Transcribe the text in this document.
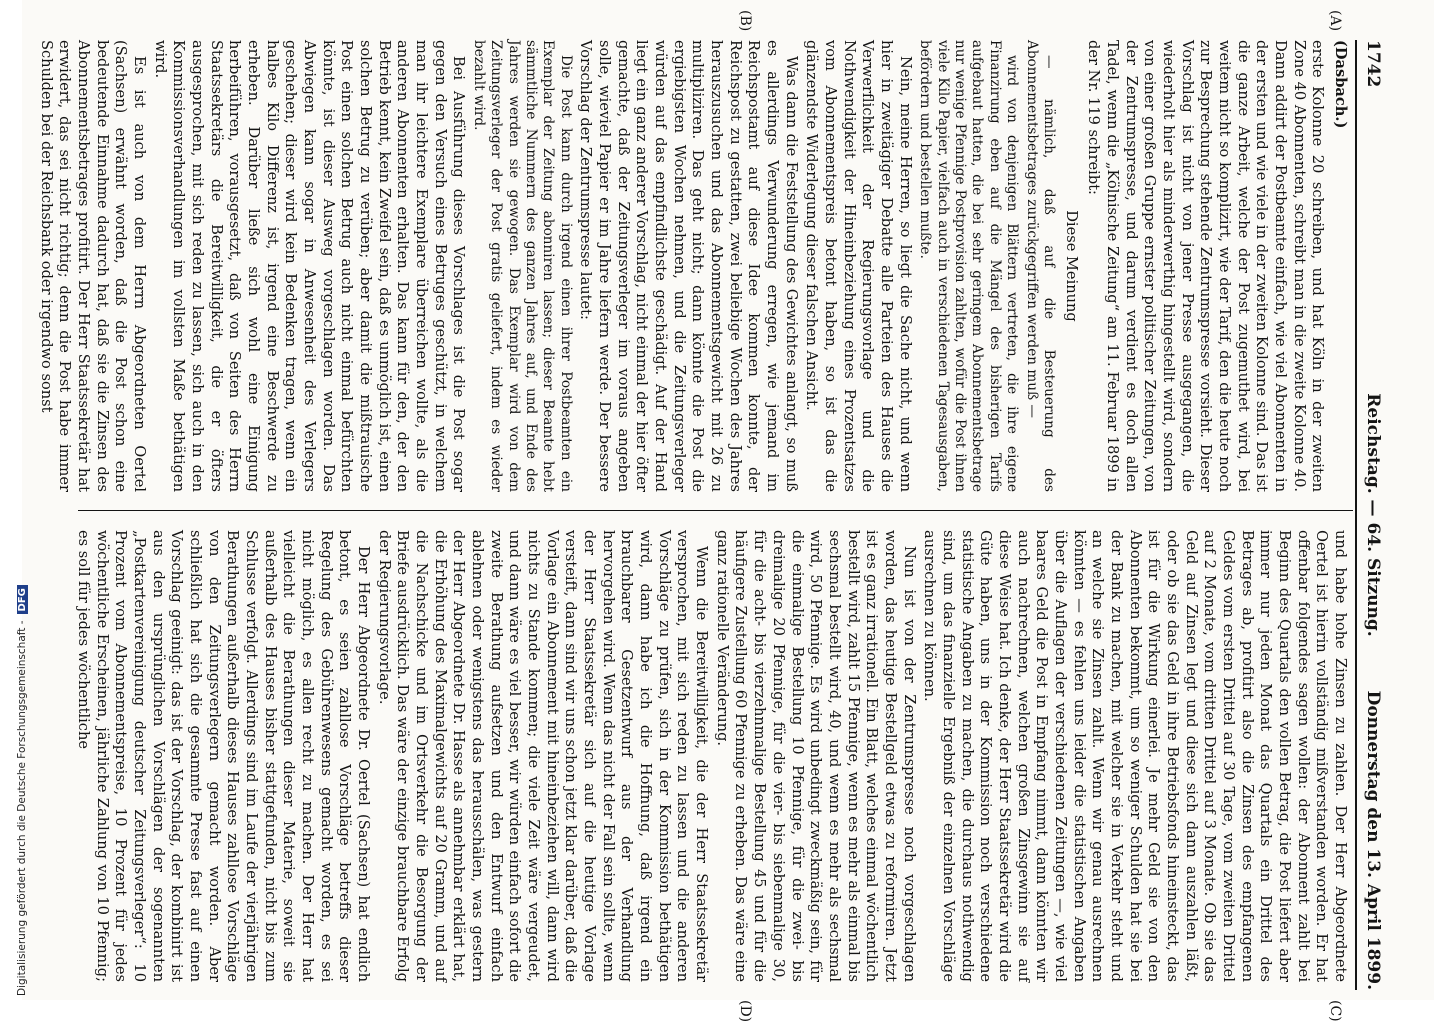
Digitalisierung gefördert durch die Deutsche Forschungsgemeinschaft -DFG
1742
Reichstag. — 64. Sitzung.
Donnerstag den 13. April 1899.
(A)
(B)
(C)
(D)

(Dasbach.)

erste Kolonne 20 schreiben, und hat Köln in der zweiten Zone 40 Abonnenten, schreibt man in die zweite Kolonne 40. Dann addirt der Postbeamte einfach, wie viel Abonnenten in der ersten und wie viele in der zweiten Kolonne sind. Das ist die ganze Arbeit, welche der Post zugemuthet wird, bei weitem nicht so komplizirt, wie der Tarif, den die heute noch zur Besprechung stehende Zentrumspresse vorsieht. Dieser Vorschlag ist nicht von jener Presse ausgegangen, die wiederholt hier als minderwerthig hingestellt wird, sondern von einer großen Gruppe ernster politischer Zeitungen, von der Zentrumspresse, und darum verdient es doch allen Tadel, wenn die „Kölnische Zeitung“ am 11. Februar 1899 in der Nr. 119 schreibt:

Diese Meinung

— nämlich, daß auf die Besteuerung des Abonnementsbetrages zurückgegriffen werden muß —

wird von denjenigen Blättern vertreten, die ihre eigene Finanzirung eben auf die Mängel des bisherigen Tarifs aufgebaut hatten, die bei sehr geringem Abonnementsbetrage nur wenige Pfennige Postprovision zahlten, wofür die Post ihnen viele Kilo Papier, vielfach auch in verschiedenen Tagesausgaben, befördern und bestellen mußte.

Nein, meine Herren, so liegt die Sache nicht, und wenn hier in zweitägiger Debatte alle Parteien des Hauses die Verwerflichkeit der Regierungsvorlage und die Nothwendigkeit der Hineinbeziehung eines Prozentsatzes vom Abonnementspreis betont haben, so ist das die glänzendste Widerlegung dieser falschen Ansicht.

Was dann die Feststellung des Gewichtes anlangt, so muß es allerdings Verwunderung erregen, wie jemand im Reichspostamt auf diese Idee kommen konnte, der Reichspost zu gestatten, zwei beliebige Wochen des Jahres herauszusuchen und das Abonnementsgewicht mit 26 zu multipliziren. Das geht nicht; dann könnte die Post die ergiebigsten Wochen nehmen, und die Zeitungsverleger würden auf das empfindlichste geschädigt. Auf der Hand liegt ein ganz anderer Vorschlag, nicht einmal der hier öfter gemachte, daß der Zeitungsverleger im voraus angeben solle, wieviel Papier er im Jahre liefern werde. Der bessere Vorschlag der Zentrumspresse lautet:

Die Post kann durch irgend einen ihrer Postbeamten ein Exemplar der Zeitung abonniren lassen; dieser Beamte hebt sämmtliche Nummern des ganzen Jahres auf, und Ende des Jahres werden sie gewogen. Das Exemplar wird von dem Zeitungsverleger der Post gratis geliefert, indem es wieder bezahlt wird.

Bei Ausführung dieses Vorschlages ist die Post sogar gegen den Versuch eines Betruges geschützt, in welchem man ihr leichtere Exemplare überreichen wollte, als die anderen Abonnenten erhalten. Das kann für den, der den Betrieb kennt, kein Zweifel sein, daß es unmöglich ist, einen solchen Betrug zu verüben; aber damit die mißtrauische Post einen solchen Betrug auch nicht einmal befürchten könnte, ist dieser Ausweg vorgeschlagen worden. Das Abwiegen kann sogar in Anwesenheit des Verlegers geschehen; dieser wird kein Bedenken tragen, wenn ein halbes Kilo Differenz ist, irgend eine Beschwerde zu erheben. Darüber ließe sich wohl eine Einigung herbeiführen, vorausgesetzt, daß von Seiten des Herrn Staatssekretärs die Bereitwilligkeit, die er öfters ausgesprochen, mit sich reden zu lassen, sich auch in den Kommissionsverhandlungen im vollsten Maße bethätigen wird.

Es ist auch von dem Herrn Abgeordneten Oertel (Sachsen) erwähnt worden, daß die Post schon eine bedeutende Einnahme dadurch hat, daß sie die Zinsen des Abonnementsbetrages profitirt. Der Herr Staatssekretär hat erwidert, das sei nicht richtig; denn die Post habe immer Schulden bei der Reichsbank oder irgendwo sonst

und habe hohe Zinsen zu zahlen. Der Herr Abgeordnete Oertel ist hierin vollständig mißverstanden worden. Er hat offenbar folgendes sagen wollen: der Abonnent zahlt bei Beginn des Quartals den vollen Betrag, die Post liefert aber immer nur jeden Monat das Quartals ein Drittel des Betrages ab, profitirt also die Zinsen des empfangenen Geldes vom ersten Drittel auf 30 Tage, vom zweiten Drittel auf 2 Monate, vom dritten Drittel auf 3 Monate. Ob sie das Geld auf Zinsen legt und diese sich dann auszahlen läßt, oder ob sie das Geld in ihre Betriebsfonds hineinsteckt, das ist für die Wirkung einerlei. Je mehr Geld sie von den Abonnenten bekommt, um so weniger Schulden hat sie bei der Bank zu machen, mit welcher sie in Verkehr steht und an welche sie Zinsen zahlt. Wenn wir genau ausrechnen könnten — es fehlen uns leider die statistischen Angaben über die Auflagen der verschiedenen Zeitungen —, wie viel baares Geld die Post in Empfang nimmt, dann könnten wir auch nachrechnen, welchen großen Zinsgewinn sie auf diese Weise hat. Ich denke, der Herr Staatssekretär wird die Güte haben, uns in der Kommission noch verschiedene statistische Angaben zu machen, die durchaus nothwendig sind, um das finanzielle Ergebniß der einzelnen Vorschläge ausrechnen zu können.

Nun ist von der Zentrumspresse noch vorgeschlagen worden, das heutige Bestellgeld etwas zu reformiren. Jetzt ist es ganz irrationell. Ein Blatt, welches einmal wöchentlich bestellt wird, zahlt 15 Pfennige, wenn es mehr als einmal bis sechsmal bestellt wird, 40, und wenn es mehr als sechsmal wird, 50 Pfennige. Es wird unbedingt zweckmäßig sein, für die einmalige Bestellung 10 Pfennige, für die zwei- bis dreimalige 20 Pfennige, für die vier- bis siebenmalige 30, für die acht- bis vierzehnmalige Bestellung 45 und für die häufigere Zustellung 60 Pfennige zu erheben. Das wäre eine ganz rationelle Veränderung.

Wenn die Bereitwilligkeit, die der Herr Staatssekretär versprochen, mit sich reden zu lassen und die anderen Vorschläge zu prüfen, sich in der Kommission bethätigen wird, dann habe ich die Hoffnung, daß irgend ein brauchbarer Gesetzentwurf aus der Verhandlung hervorgehen wird. Wenn das nicht der Fall sein sollte, wenn der Herr Staatssekretär sich auf die heutige Vorlage versteift, dann sind wir uns schon jetzt klar darüber, daß die Vorlage ein Abonnement mit hineinbeziehen will, dann wird nichts zu Stande kommen; die viele Zeit wäre vergeudet, und dann wäre es viel besser, wir würden einfach sofort die zweite Berathung aufsetzen und den Entwurf einfach ablehnen oder wenigstens das herausschälen, was gestern der Herr Abgeordnete Dr. Hasse als annehmbar erklärt hat, die Erhöhung des Maximalgewichts auf 20 Gramm, und auf die Nachschicke und im Ortsverkehr die Besorgung der Briefe ausdrücklich. Das wäre der einzige brauchbare Erfolg der Regierungsvorlage.

Der Herr Abgeordnete Dr. Oertel (Sachsen) hat endlich betont, es seien zahllose Vorschläge betreffs dieser Regelung des Gebührenwesens gemacht worden, es sei nicht möglich, es allen recht zu machen. Der Herr hat vielleicht die Berathungen dieser Materie, soweit sie außerhalb des Hauses bisher stattgefunden, nicht bis zum Schlusse verfolgt. Allerdings sind im Laufe der vierjährigen Berathungen außerhalb dieses Hauses zahllose Vorschläge von den Zeitungsverlegern gemacht worden. Aber schließlich hat sich die gesammte Presse fast auf einen Vorschlag geeinigt: das ist der Vorschlag, der kombinirt ist aus den ursprünglichen Vorschlägen der sogenannten „Postkartenvereinigung deutscher Zeitungsverleger“: 10 Prozent vom Abonnementspreise, 10 Prozent für jedes wöchentliche Erscheinen, jährliche Zahlung von 10 Pfennig; es soll für jedes wöchentliche
